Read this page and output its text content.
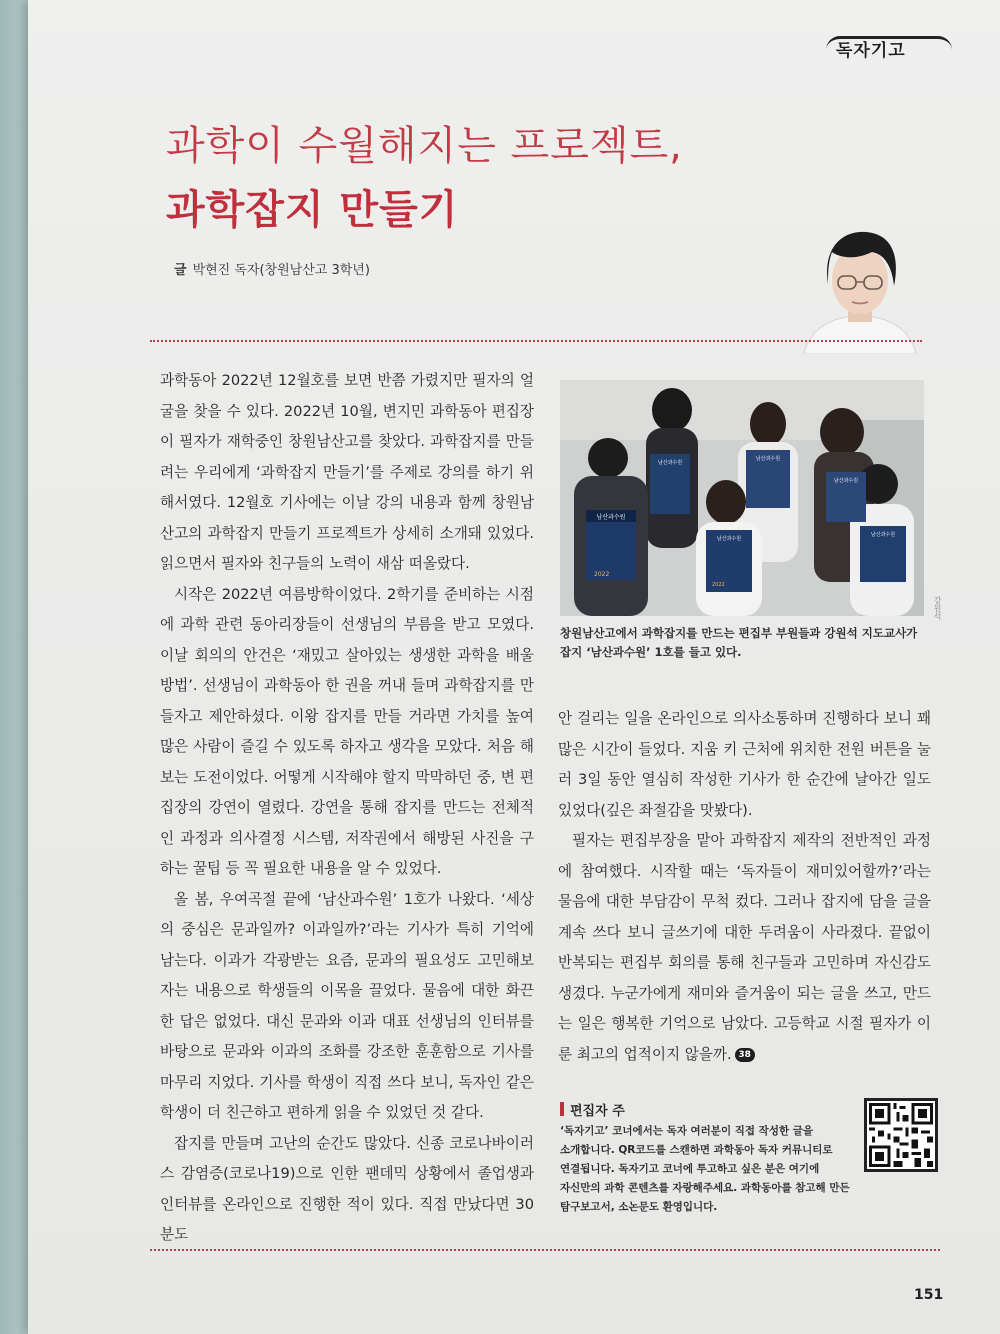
독자기고
과학이 수월해지는 프로젝트,
과학잡지 만들기
글 박현진 독자(창원남산고 3학년)

과학동아 2022년 12월호를 보면 반쯤 가렸지만 필자의 얼굴을 찾을 수 있다. 2022년 10월, 변지민 과학동아 편집장이 필자가 재학중인 창원남산고를 찾았다. 과학잡지를 만들려는 우리에게 ‘과학잡지 만들기’를 주제로 강의를 하기 위해서였다. 12월호 기사에는 이날 강의 내용과 함께 창원남산고의 과학잡지 만들기 프로젝트가 상세히 소개돼 있었다. 읽으면서 필자와 친구들의 노력이 새삼 떠올랐다.

시작은 2022년 여름방학이었다. 2학기를 준비하는 시점에 과학 관련 동아리장들이 선생님의 부름을 받고 모였다. 이날 회의의 안건은 ‘재밌고 살아있는 생생한 과학을 배울 방법’. 선생님이 과학동아 한 권을 꺼내 들며 과학잡지를 만들자고 제안하셨다. 이왕 잡지를 만들 거라면 가치를 높여 많은 사람이 즐길 수 있도록 하자고 생각을 모았다. 처음 해보는 도전이었다. 어떻게 시작해야 할지 막막하던 중, 변 편집장의 강연이 열렸다. 강연을 통해 잡지를 만드는 전체적인 과정과 의사결정 시스템, 저작권에서 해방된 사진을 구하는 꿀팁 등 꼭 필요한 내용을 알 수 있었다.

올 봄, 우여곡절 끝에 ‘남산과수원’ 1호가 나왔다. ‘세상의 중심은 문과일까? 이과일까?’라는 기사가 특히 기억에 남는다. 이과가 각광받는 요즘, 문과의 필요성도 고민해보자는 내용으로 학생들의 이목을 끌었다. 물음에 대한 화끈한 답은 없었다. 대신 문과와 이과 대표 선생님의 인터뷰를 바탕으로 문과와 이과의 조화를 강조한 훈훈함으로 기사를 마무리 지었다. 기사를 학생이 직접 쓰다 보니, 독자인 같은 학생이 더 친근하고 편하게 읽을 수 있었던 것 같다.

잡지를 만들며 고난의 순간도 많았다. 신종 코로나바이러스 감염증(코로나19)으로 인한 팬데믹 상황에서 졸업생과 인터뷰를 온라인으로 진행한 적이 있다. 직접 만났다면 30분도

남산과수원
2022
남산과수원
남산과수원
남산과수원
2022
남산과수원
남산과수원
강원석
창원남산고에서 과학잡지를 만드는 편집부 부원들과 강원석 지도교사가
잡지 ‘남산과수원’ 1호를 들고 있다.

안 걸리는 일을 온라인으로 의사소통하며 진행하다 보니 꽤 많은 시간이 들었다. 지움 키 근처에 위치한 전원 버튼을 눌러 3일 동안 열심히 작성한 기사가 한 순간에 날아간 일도 있었다(깊은 좌절감을 맛봤다).

필자는 편집부장을 맡아 과학잡지 제작의 전반적인 과정에 참여했다. 시작할 때는 ‘독자들이 재미있어할까?’라는 물음에 대한 부담감이 무척 컸다. 그러나 잡지에 담을 글을 계속 쓰다 보니 글쓰기에 대한 두려움이 사라졌다. 끝없이 반복되는 편집부 회의를 통해 친구들과 고민하며 자신감도 생겼다. 누군가에게 재미와 즐거움이 되는 글을 쓰고, 만드는 일은 행복한 기억으로 남았다. 고등학교 시절 필자가 이룬 최고의 업적이지 않을까. 38

편집자 주
‘독자기고’ 코너에서는 독자 여러분이 직접 작성한 글을
소개합니다. QR코드를 스캔하면 과학동아 독자 커뮤니티로
연결됩니다. 독자기고 코너에 투고하고 싶은 분은 여기에
자신만의 과학 콘텐츠를 자랑해주세요. 과학동아를 참고해 만든
탐구보고서, 소논문도 환영입니다.
151
